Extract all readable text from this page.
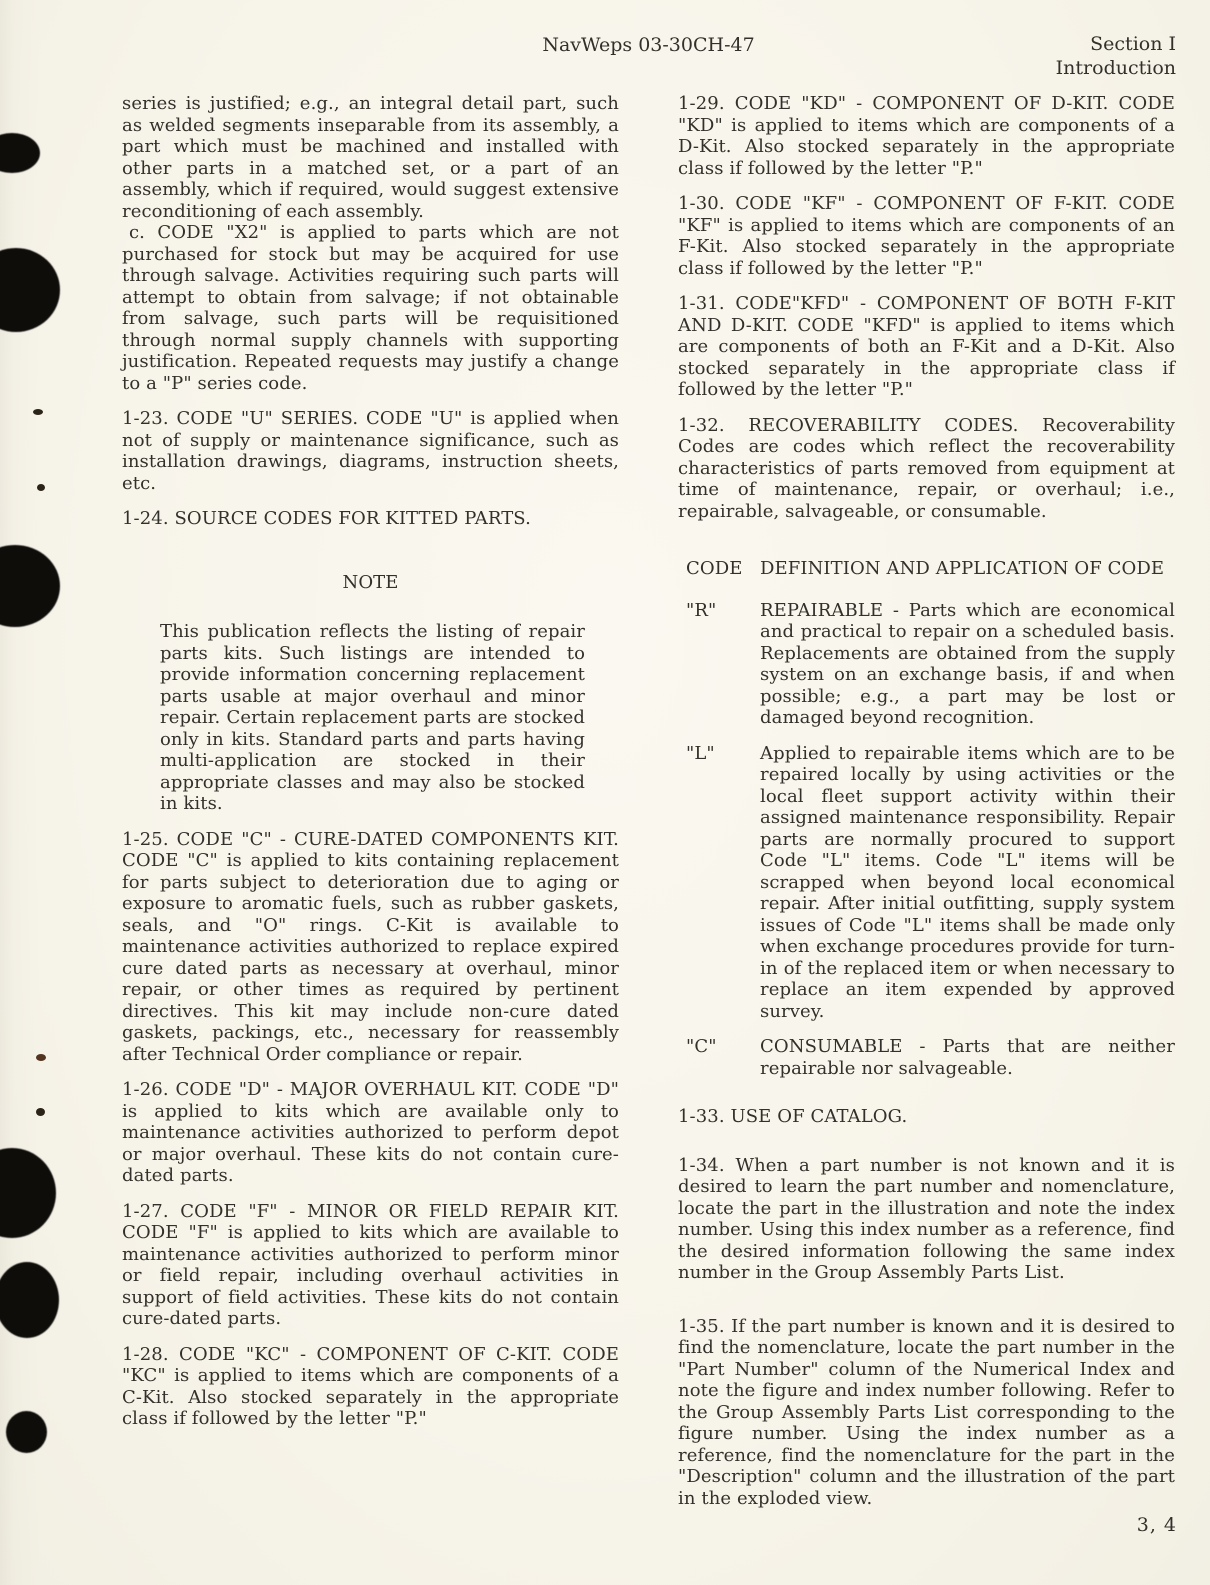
NavWeps 03-30CH-47	Section I
Introduction

series is justified; e.g., an integral detail part, such as welded segments inseparable from its assembly, a part which must be machined and installed with other parts in a matched set, or a part of an assembly, which if required, would suggest extensive reconditioning of each assembly.

c. CODE "X2" is applied to parts which are not purchased for stock but may be acquired for use through salvage. Activities requiring such parts will attempt to obtain from salvage; if not obtainable from salvage, such parts will be requisitioned through normal supply channels with supporting justification. Repeated requests may justify a change to a "P" series code.

1-23. CODE "U" SERIES. CODE "U" is applied when not of supply or maintenance significance, such as installation drawings, diagrams, instruction sheets, etc.

1-24. SOURCE CODES FOR KITTED PARTS.

NOTE

This publication reflects the listing of repair parts kits. Such listings are intended to provide information concerning replacement parts usable at major overhaul and minor repair. Certain replacement parts are stocked only in kits. Standard parts and parts having multi-application are stocked in their appropriate classes and may also be stocked in kits.

1-25. CODE "C" - CURE-DATED COMPONENTS KIT. CODE "C" is applied to kits containing replacement for parts subject to deterioration due to aging or exposure to aromatic fuels, such as rubber gaskets, seals, and "O" rings. C-Kit is available to maintenance activities authorized to replace expired cure dated parts as necessary at overhaul, minor repair, or other times as required by pertinent directives. This kit may include non-cure dated gaskets, packings, etc., necessary for reassembly after Technical Order compliance or repair.

1-26. CODE "D" - MAJOR OVERHAUL KIT. CODE "D" is applied to kits which are available only to maintenance activities authorized to perform depot or major overhaul. These kits do not contain cure-dated parts.

1-27. CODE "F" - MINOR OR FIELD REPAIR KIT. CODE "F" is applied to kits which are available to maintenance activities authorized to perform minor or field repair, including overhaul activities in support of field activities. These kits do not contain cure-dated parts.

1-28. CODE "KC" - COMPONENT OF C-KIT. CODE "KC" is applied to items which are components of a C-Kit. Also stocked separately in the appropriate class if followed by the letter "P."

1-29. CODE "KD" - COMPONENT OF D-KIT. CODE "KD" is applied to items which are components of a D-Kit. Also stocked separately in the appropriate class if followed by the letter "P."

1-30. CODE "KF" - COMPONENT OF F-KIT. CODE "KF" is applied to items which are components of an F-Kit. Also stocked separately in the appropriate class if followed by the letter "P."

1-31. CODE"KFD" - COMPONENT OF BOTH F-KIT AND D-KIT. CODE "KFD" is applied to items which are components of both an F-Kit and a D-Kit. Also stocked separately in the appropriate class if followed by the letter "P."

1-32. RECOVERABILITY CODES. Recoverability Codes are codes which reflect the recoverability characteristics of parts removed from equipment at time of maintenance, repair, or overhaul; i.e., repairable, salvageable, or consumable.

CODE DEFINITION AND APPLICATION OF CODE
"R"	REPAIRABLE - Parts which are economical and practical to repair on a scheduled basis. Replacements are obtained from the supply system on an exchange basis, if and when possible; e.g., a part may be lost or damaged beyond recognition.
"L"	Applied to repairable items which are to be repaired locally by using activities or the local fleet support activity within their assigned maintenance responsibility. Repair parts are normally procured to support Code "L" items. Code "L" items will be scrapped when beyond local economical repair. After initial outfitting, supply system issues of Code "L" items shall be made only when exchange procedures provide for turn-in of the replaced item or when necessary to replace an item expended by approved survey.
"C"	CONSUMABLE - Parts that are neither repairable nor salvageable.

1-33. USE OF CATALOG.

1-34. When a part number is not known and it is desired to learn the part number and nomenclature, locate the part in the illustration and note the index number. Using this index number as a reference, find the desired information following the same index number in the Group Assembly Parts List.

1-35. If the part number is known and it is desired to find the nomenclature, locate the part number in the "Part Number" column of the Numerical Index and note the figure and index number following. Refer to the Group Assembly Parts List corresponding to the figure number. Using the index number as a reference, find the nomenclature for the part in the "Description" column and the illustration of the part in the exploded view.

3, 4
